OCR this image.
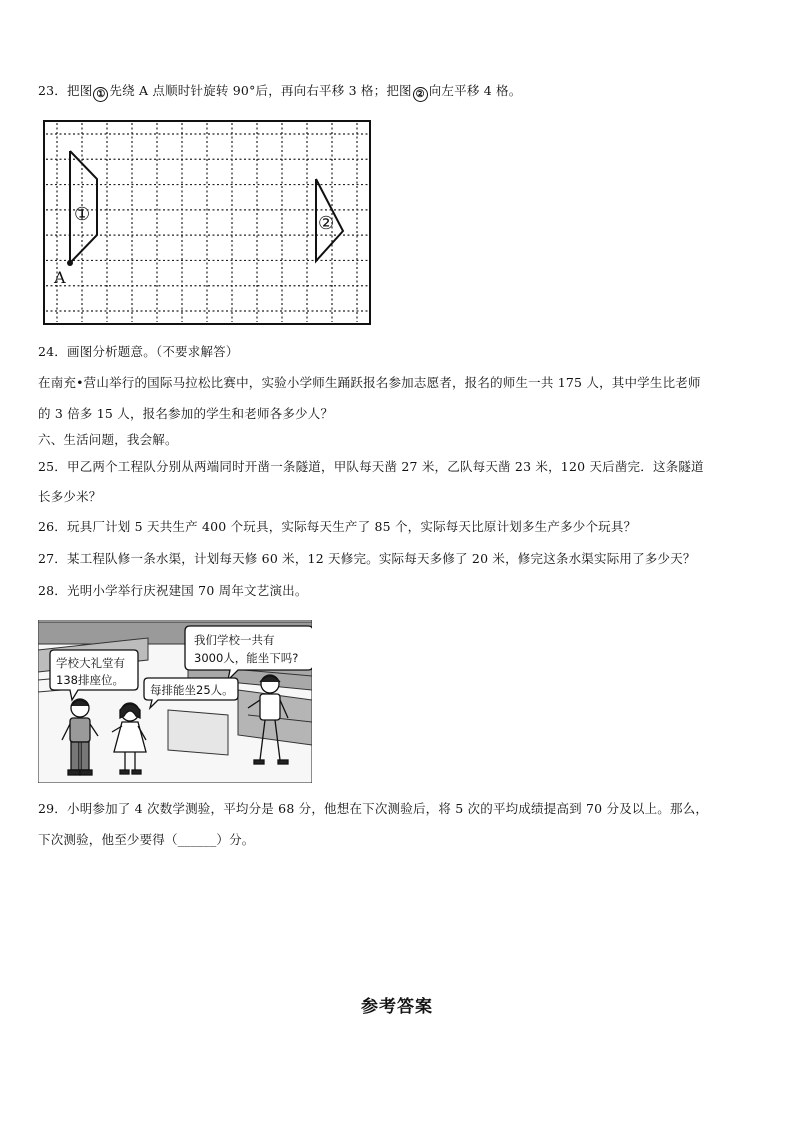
23．把图 ① 先绕 A 点顺时针旋转 90°后，再向右平移 3 格；把图 ② 向左平移 4 格。
A
①	②
24．画图分析题意。（不要求解答）
在南充•营山举行的国际马拉松比赛中，实验小学师生踊跃报名参加志愿者，报名的师生一共 175 人，其中学生比老师
的 3 倍多 15 人，报名参加的学生和老师各多少人？
六、生活问题，我会解。
25．甲乙两个工程队分别从两端同时开凿一条隧道，甲队每天凿 27 米，乙队每天凿 23 米，120 天后凿完．这条隧道
长多少米？
26．玩具厂计划 5 天共生产 400 个玩具，实际每天生产了 85 个，实际每天比原计划多生产多少个玩具？
27．某工程队修一条水渠，计划每天修 60 米，12 天修完。实际每天多修了 20 米，修完这条水渠实际用了多少天？
28．光明小学举行庆祝建国 70 周年文艺演出。
我们学校一共有
3000人，能坐下吗?
学校大礼堂有
138排座位。
每排能坐25人。
29．小明参加了 4 次数学测验，平均分是 68 分，他想在下次测验后，将 5 次的平均成绩提高到 70 分及以上。那么，
下次测验，他至少要得（______）分。
参考答案
